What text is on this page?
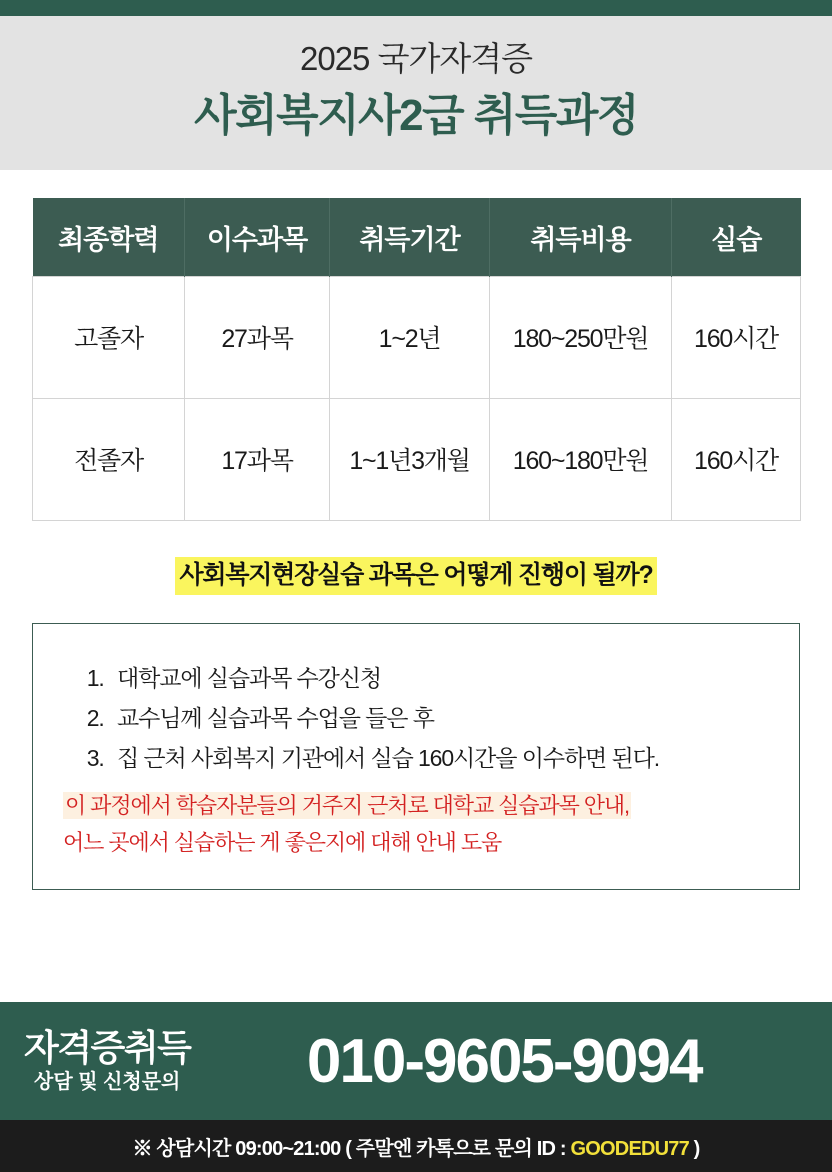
2025 국가자격증
사회복지사2급 취득과정
최종학력	이수과목	취득기간	취득비용	실습
고졸자	27과목	1~2년	180~250만원	160시간
전졸자	17과목	1~1년3개월	160~180만원	160시간
사회복지현장실습 과목은 어떻게 진행이 될까?
1. 대학교에 실습과목 수강신청
2. 교수님께 실습과목 수업을 들은 후
3. 집 근처 사회복지 기관에서 실습 160시간을 이수하면 된다.
이 과정에서 학습자분들의 거주지 근처로 대학교 실습과목 안내,
어느 곳에서 실습하는 게 좋은지에 대해 안내 도움
자격증취득
상담 및 신청문의	010-9605-9094
※ 상담시간 09:00~21:00 ( 주말엔 카톡으로 문의 ID : GOODEDU77 )
